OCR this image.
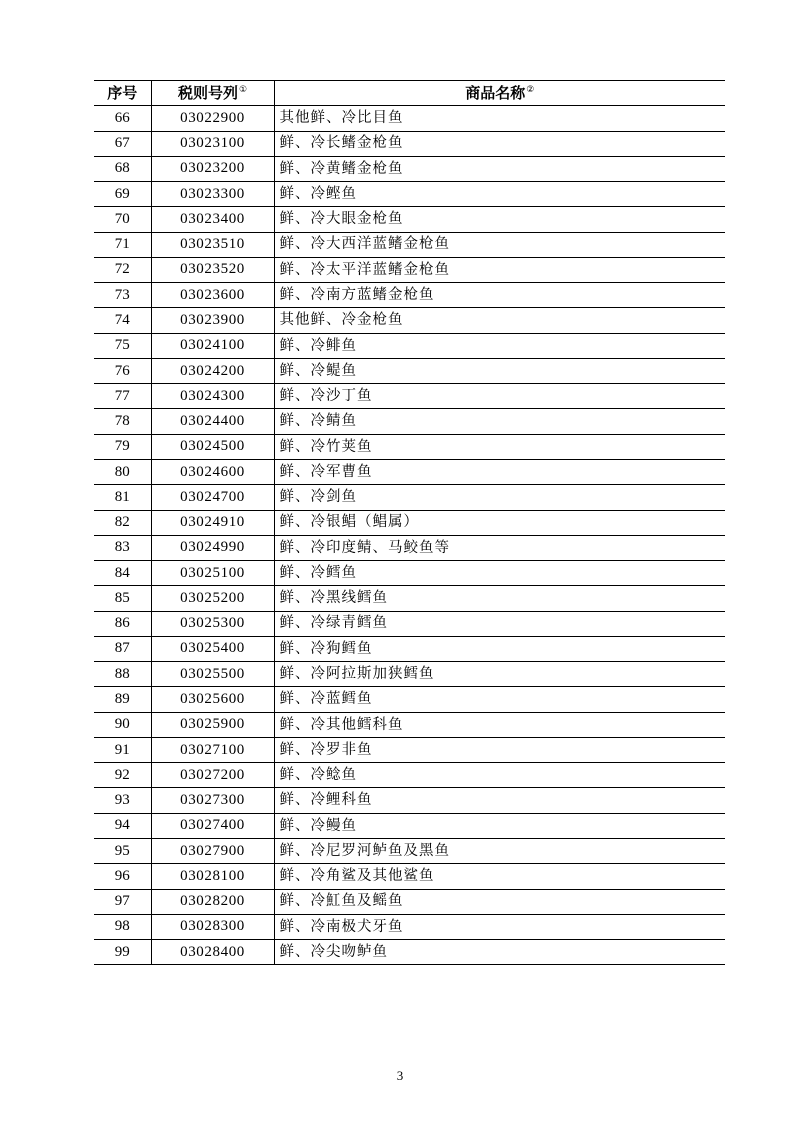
序号	税则号列①	商品名称②
66	03022900	其他鲜、冷比目鱼
67	03023100	鲜、冷长鳍金枪鱼
68	03023200	鲜、冷黄鳍金枪鱼
69	03023300	鲜、冷鲣鱼
70	03023400	鲜、冷大眼金枪鱼
71	03023510	鲜、冷大西洋蓝鳍金枪鱼
72	03023520	鲜、冷太平洋蓝鳍金枪鱼
73	03023600	鲜、冷南方蓝鳍金枪鱼
74	03023900	其他鲜、冷金枪鱼
75	03024100	鲜、冷鲱鱼
76	03024200	鲜、冷鳀鱼
77	03024300	鲜、冷沙丁鱼
78	03024400	鲜、冷鲭鱼
79	03024500	鲜、冷竹荚鱼
80	03024600	鲜、冷军曹鱼
81	03024700	鲜、冷剑鱼
82	03024910	鲜、冷银鲳（鲳属）
83	03024990	鲜、冷印度鲭、马鲛鱼等
84	03025100	鲜、冷鳕鱼
85	03025200	鲜、冷黑线鳕鱼
86	03025300	鲜、冷绿青鳕鱼
87	03025400	鲜、冷狗鳕鱼
88	03025500	鲜、冷阿拉斯加狭鳕鱼
89	03025600	鲜、冷蓝鳕鱼
90	03025900	鲜、冷其他鳕科鱼
91	03027100	鲜、冷罗非鱼
92	03027200	鲜、冷鲶鱼
93	03027300	鲜、冷鲤科鱼
94	03027400	鲜、冷鳗鱼
95	03027900	鲜、冷尼罗河鲈鱼及黑鱼
96	03028100	鲜、冷角鲨及其他鲨鱼
97	03028200	鲜、冷魟鱼及鳐鱼
98	03028300	鲜、冷南极犬牙鱼
99	03028400	鲜、冷尖吻鲈鱼
3
